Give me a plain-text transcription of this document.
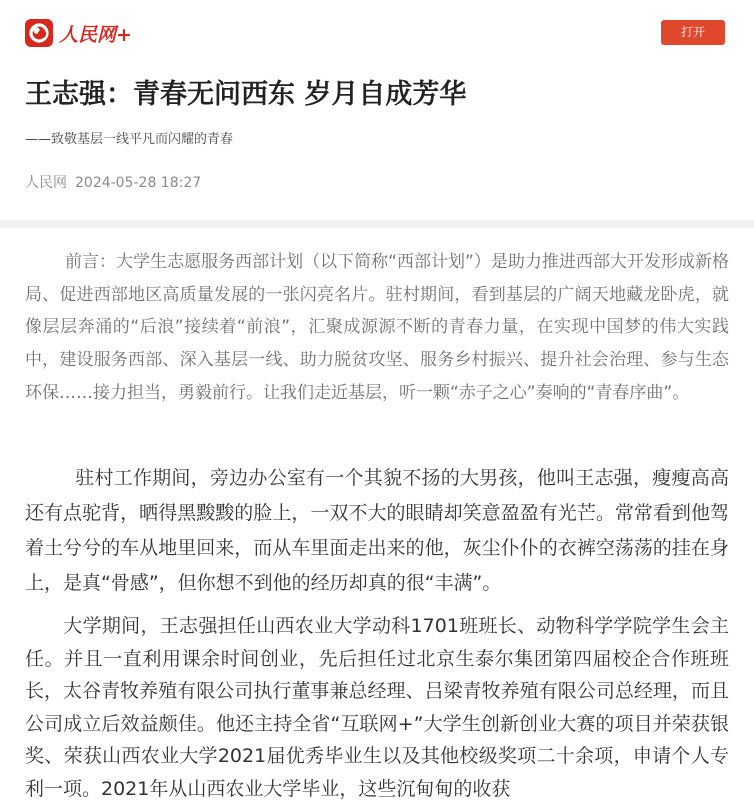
人民网+	打开
王志强：青春无问西东 岁月自成芳华
——致敬基层一线平凡而闪耀的青春
人民网 2024-05-28 18:27

前言：大学生志愿服务西部计划（以下简称“西部计划”）是助力推进西部大开发形成新格局、促进西部地区高质量发展的一张闪亮名片。驻村期间，看到基层的广阔天地藏龙卧虎，就像层层奔涌的“后浪”接续着“前浪”，汇聚成源源不断的青春力量，在实现中国梦的伟大实践中，建设服务西部、深入基层一线、助力脱贫攻坚、服务乡村振兴、提升社会治理、参与生态环保……接力担当，勇毅前行。让我们走近基层，听一颗“赤子之心”奏响的“青春序曲”。

驻村工作期间，旁边办公室有一个其貌不扬的大男孩，他叫王志强，瘦瘦高高还有点驼背，晒得黑黢黢的脸上，一双不大的眼睛却笑意盈盈有光芒。常常看到他驾着土兮兮的车从地里回来，而从车里面走出来的他，灰尘仆仆的衣裤空荡荡的挂在身上，是真“骨感”，但你想不到他的经历却真的很“丰满”。

大学期间，王志强担任山西农业大学动科1701班班长、动物科学学院学生会主任。并且一直利用课余时间创业，先后担任过北京生泰尔集团第四届校企合作班班长，太谷青牧养殖有限公司执行董事兼总经理、吕梁青牧养殖有限公司总经理，而且公司成立后效益颇佳。他还主持全省“互联网+”大学生创新创业大赛的项目并荣获银奖、荣获山西农业大学2021届优秀毕业生以及其他校级奖项二十余项，申请个人专利一项。2021年从山西农业大学毕业，这些沉甸甸的收获
